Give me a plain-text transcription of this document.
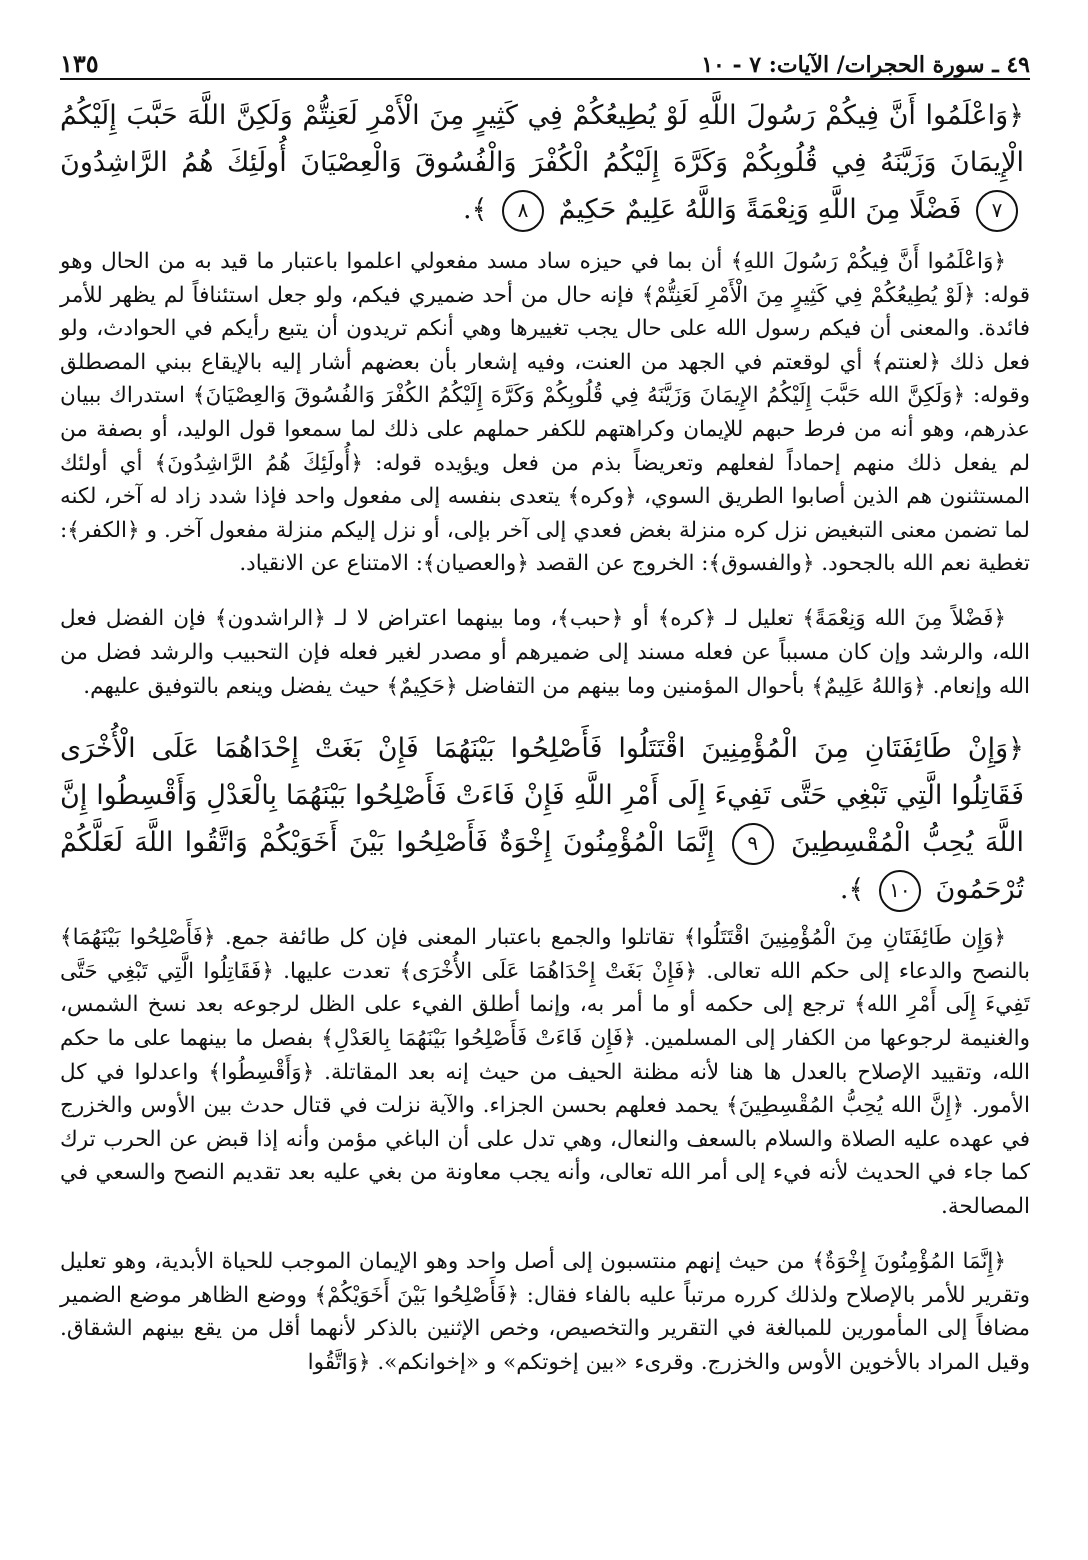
٤٩ ـ سورة الحجرات/ الآيات: ٧ - ١٠
١٣٥
﴿وَاعْلَمُوا أَنَّ فِيكُمْ رَسُولَ اللَّهِ لَوْ يُطِيعُكُمْ فِي كَثِيرٍ مِنَ الْأَمْرِ لَعَنِتُّمْ وَلَكِنَّ اللَّهَ حَبَّبَ إِلَيْكُمُ الْإِيمَانَ وَزَيَّنَهُ فِي قُلُوبِكُمْ وَكَرَّهَ إِلَيْكُمُ الْكُفْرَ وَالْفُسُوقَ وَالْعِصْيَانَ أُولَئِكَ هُمُ الرَّاشِدُونَ ٧ فَضْلًا مِنَ اللَّهِ وَنِعْمَةً وَاللَّهُ عَلِيمٌ حَكِيمٌ ٨ ﴾.

﴿وَاعْلَمُوا أَنَّ فِيكُمْ رَسُولَ اللهِ﴾ أن بما في حيزه ساد مسد مفعولي اعلموا باعتبار ما قيد به من الحال وهو قوله: ﴿لَوْ يُطِيعُكُمْ فِي كَثِيرٍ مِنَ الْأَمْرِ لَعَنِتُّمْ﴾ فإنه حال من أحد ضميري فيكم، ولو جعل استئنافاً لم يظهر للأمر فائدة. والمعنى أن فيكم رسول الله على حال يجب تغييرها وهي أنكم تريدون أن يتبع رأيكم في الحوادث، ولو فعل ذلك ﴿لعنتم﴾ أي لوقعتم في الجهد من العنت، وفيه إشعار بأن بعضهم أشار إليه بالإيقاع ببني المصطلق وقوله: ﴿وَلَكِنَّ الله حَبَّبَ إِلَيْكُمُ الإِيمَانَ وَزَيَّنَهُ فِي قُلُوبِكُمْ وَكَرَّهَ إِلَيْكُمُ الكُفْرَ وَالفُسُوقَ وَالعِصْيَانَ﴾ استدراك ببيان عذرهم، وهو أنه من فرط حبهم للإيمان وكراهتهم للكفر حملهم على ذلك لما سمعوا قول الوليد، أو بصفة من لم يفعل ذلك منهم إحماداً لفعلهم وتعريضاً بذم من فعل ويؤيده قوله: ﴿أُولَئِكَ هُمُ الرَّاشِدُونَ﴾ أي أولئك المستثنون هم الذين أصابوا الطريق السوي، ﴿وكره﴾ يتعدى بنفسه إلى مفعول واحد فإذا شدد زاد له آخر، لكنه لما تضمن معنى التبغيض نزل كره منزلة بغض فعدي إلى آخر بإلى، أو نزل إليكم منزلة مفعول آخر. و ﴿الكفر﴾: تغطية نعم الله بالجحود. ﴿والفسوق﴾: الخروج عن القصد ﴿والعصيان﴾: الامتناع عن الانقياد.

﴿فَضْلاً مِنَ الله وَنِعْمَةً﴾ تعليل لـ ﴿كره﴾ أو ﴿حبب﴾، وما بينهما اعتراض لا لـ ﴿الراشدون﴾ فإن الفضل فعل الله، والرشد وإن كان مسبباً عن فعله مسند إلى ضميرهم أو مصدر لغير فعله فإن التحبيب والرشد فضل من الله وإنعام. ﴿وَاللهُ عَلِيمٌ﴾ بأحوال المؤمنين وما بينهم من التفاضل ﴿حَكِيمٌ﴾ حيث يفضل وينعم بالتوفيق عليهم.

﴿وَإِنْ طَائِفَتَانِ مِنَ الْمُؤْمِنِينَ اقْتَتَلُوا فَأَصْلِحُوا بَيْنَهُمَا فَإِنْ بَغَتْ إِحْدَاهُمَا عَلَى الْأُخْرَى فَقَاتِلُوا الَّتِي تَبْغِي حَتَّى تَفِيءَ إِلَى أَمْرِ اللَّهِ فَإِنْ فَاءَتْ فَأَصْلِحُوا بَيْنَهُمَا بِالْعَدْلِ وَأَقْسِطُوا إِنَّ اللَّهَ يُحِبُّ الْمُقْسِطِينَ ٩ إِنَّمَا الْمُؤْمِنُونَ إِخْوَةٌ فَأَصْلِحُوا بَيْنَ أَخَوَيْكُمْ وَاتَّقُوا اللَّهَ لَعَلَّكُمْ تُرْحَمُونَ ١٠ ﴾.

﴿وَإِن طَائِفَتَانِ مِنَ الْمُؤْمِنِينَ اقْتَتَلُوا﴾ تقاتلوا والجمع باعتبار المعنى فإن كل طائفة جمع. ﴿فَأَصْلِحُوا بَيْنَهُمَا﴾ بالنصح والدعاء إلى حكم الله تعالى. ﴿فَإِنْ بَغَتْ إِحْدَاهُمَا عَلَى الأُخْرَى﴾ تعدت عليها. ﴿فَقَاتِلُوا الَّتِي تَبْغِي حَتَّى تَفِيءَ إِلَى أَمْرِ الله﴾ ترجع إلى حكمه أو ما أمر به، وإنما أطلق الفيء على الظل لرجوعه بعد نسخ الشمس، والغنيمة لرجوعها من الكفار إلى المسلمين. ﴿فَإِن فَاءَتْ فَأَصْلِحُوا بَيْنَهُمَا بِالعَدْلِ﴾ بفصل ما بينهما على ما حكم الله، وتقييد الإصلاح بالعدل ها هنا لأنه مظنة الحيف من حيث إنه بعد المقاتلة. ﴿وَأَقْسِطُوا﴾ واعدلوا في كل الأمور. ﴿إِنَّ الله يُحِبُّ المُقْسِطِينَ﴾ يحمد فعلهم بحسن الجزاء. والآية نزلت في قتال حدث بين الأوس والخزرج في عهده عليه الصلاة والسلام بالسعف والنعال، وهي تدل على أن الباغي مؤمن وأنه إذا قبض عن الحرب ترك كما جاء في الحديث لأنه فيء إلى أمر الله تعالى، وأنه يجب معاونة من بغي عليه بعد تقديم النصح والسعي في المصالحة.

﴿إِنَّمَا المُؤْمِنُونَ إِخْوَةٌ﴾ من حيث إنهم منتسبون إلى أصل واحد وهو الإيمان الموجب للحياة الأبدية، وهو تعليل وتقرير للأمر بالإصلاح ولذلك كرره مرتباً عليه بالفاء فقال: ﴿فَأَصْلِحُوا بَيْنَ أَخَوَيْكُمْ﴾ ووضع الظاهر موضع الضمير مضافاً إلى المأمورين للمبالغة في التقرير والتخصيص، وخص الإثنين بالذكر لأنهما أقل من يقع بينهم الشقاق. وقيل المراد بالأخوين الأوس والخزرج. وقرىء «بين إخوتكم» و «إخوانكم». ﴿وَاتَّقُوا
